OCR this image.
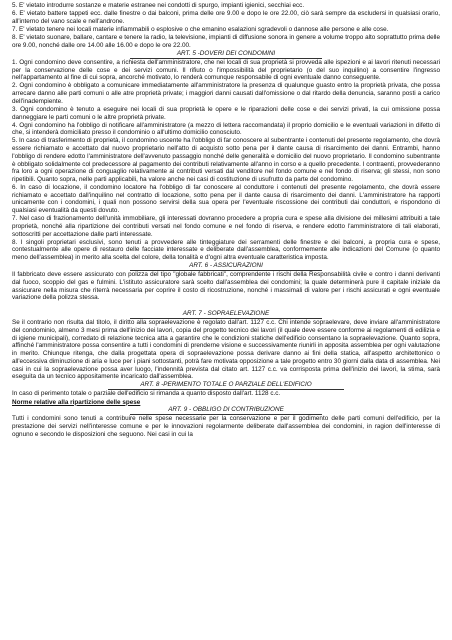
5. E' vietato introdurre sostanze e materie estranee nei condotti di spurgo, impianti igienici, secchiai ecc.

6. E' vietato battere tappeti ecc. dalle finestre o dai balconi, prima delle ore 9.00 e dopo le ore 22.00, ciò sarà sempre da escludersi in qualsiasi orario, all'interno del vano scale e nell'androne.

7. E' vietato tenere nei locali materie infiammabili o esplosive o che emanino esalazioni sgradevoli o dannose alle persone e alle cose.

8. E' vietato suonare, ballare, cantare e tenere la radio, la televisione, impianti di diffusione sonora in genere a volume troppo alto soprattutto prima delle ore 9.00, nonché dalle ore 14.00 alle 16.00 e dopo le ore 22.00.

ART. 5 -DOVERI DEI CONDOMINI

1. Ogni condomino deve consentire, a richiesta dell'amministratore, che nei locali di sua proprietà si provveda alle ispezioni e ai lavori ritenuti necessari per la conservazione delle cose e dei servizi comuni. Il rifiuto o l'impossibilità del proprietario (o del suo inquilino) a consentire l'ingresso nell'appartamento al fine di cui sopra, ancorché motivato, lo renderà comunque responsabile di ogni eventuale danno conseguente.

2. Ogni condomino è obbligato a comunicare immediatamente all'amministratore la presenza di qualunque guasto entro la proprietà privata, che possa arrecare danno alle parti comuni o alle atre proprietà private; i maggiori danni causati dall'omissione o dal ritardo della denuncia, saranno posti a carico dell'inadempiente.

3. Ogni condomino è tenuto a eseguire nei locali di sua proprietà le opere e le riparazioni delle cose e dei servizi privati, la cui omissione possa danneggiare le parti comuni o le altre proprietà private.

4. Ogni condomino ha l'obbligo di notificare all'amministratore (a mezzo di lettera raccomandata) il proprio domicilio e le eventuali variazioni in difetto di che, si intenderà domiciliato presso il condominio o all'ultimo domicilio conosciuto.

5. In caso di trasferimento di proprietà, il condomino uscente ha l'obbligo di far conoscere al subentrante i contenuti del presente regolamento, che dovrà essere richiamato e accettato dal nuovo proprietario nell'atto di acquisto sotto pena per il dante causa di risarcimento dei danni. Entrambi, hanno l'obbligo di rendere edotto l'amministratore dell'avvenuto passaggio nonché delle generalità e domicilio del nuovo proprietario. Il condomino subentrante è obbligato solidalmente col predecessore al pagamento dei contributi relativamente all'anno in corso e a quello precedente. I contraenti, provvederanno fra loro a ogni operazione di conguaglio relativamente ai contributi versati dal venditore nel fondo comune e nel fondo di riserva; gli stessi, non sono ripetibili. Quanto sopra, nelle parti applicabili, ha valore anche nei casi di costituzione di usufrutto da parte del condomino.

6. In caso di locazione, il condomino locatore ha l'obbligo di far conoscere al conduttore i contenuti del presente regolamento, che dovrà essere richiamato e accettato dall'inquilino nel contratto di locazione, sotto pena per il dante causa di risarcimento dei danni. L'amministratore ha rapporti unicamente con i condomini, i quali non possono servirsi della sua opera per l'eventuale riscossione dei contributi dai conduttori, e rispondono di qualsiasi eventualità da questi dovuto.

7. Nel caso di frazionamento dell'unità immobiliare, gli interessati dovranno procedere a propria cura e spese alla divisione dei millesimi attribuiti a tale proprietà, nonché alla ripartizione dei contributi versati nel fondo comune e nel fondo di riserva, e rendere edotto l'amministratore di tali elaborati, sottoscritti per accettazione dalle parti interessate.

8. I singoli proprietari esclusivi, sono tenuti a provvedere alle tinteggiature dei serramenti delle finestre e dei balconi, a propria cura e spese, contestualmente alle opere di restauro delle facciate interessate e deliberate dall'assemblea, conformemente alle indicazioni del Comune (o quanto meno dell'assemblea) in merito alla scelta del colore, della tonalità e d'ogni altra eventuale caratteristica imposta.

ART. 6 - ASSICURAZIONI

Il fabbricato deve essere assicurato con polizza del tipo "globale fabbricati", comprendente i rischi della Responsabilità civile e contro i danni derivanti dal fuoco, scoppio del gas e fulmini. L'istituto assicuratore sarà scelto dall'assemblea dei condomini; la quale determinerà pure il capitale iniziale da assicurare nella misura che riterrà necessaria per coprire il costo di ricostruzione, nonché i massimali di valore per i rischi assicurati e ogni eventuale variazione della polizza stessa.

ART. 7 - SOPRAELEVAZIONE

Se il contrario non risulta dal titolo, il diritto alla sopraelevazione è regolato dall'art. 1127 c.c. Chi intende sopraelevare, deve inviare all'amministratore del condominio, almeno 3 mesi prima dell'inizio dei lavori, copia del progetto tecnico dei lavori (il quale deve essere conforme ai regolamenti di edilizia e di igiene municipali), corredato di relazione tecnica atta a garantire che le condizioni statiche dell'edificio consentano la sopraelevazione. Quanto sopra, affinché l'amministratore possa consentire a tutti i condomini di prenderne visione e successivamente riunirli in apposita assemblea per ogni valutazione in merito. Chiunque ritenga, che dalla progettata opera di sopraelevazione possa derivare danno ai fini della statica, all'aspetto architettonico o all'eccessiva diminuzione di aria e luce per i piani sottostanti, potrà fare motivata opposizione a tale progetto entro 30 giorni dalla data di assemblea. Nei casi in cui la sopraelevazione possa aver luogo, l'indennità prevista dal citato art. 1127 c.c. va corrisposta prima dell'inizio dei lavori, la stima, sarà eseguita da un tecnico appositamente incaricato dall'assemblea.

ART. 8 -PERIMENTO TOTALE O PARZIALE DELL'EDIFICIO

In caso di perimento totale o parziale dell'edificio si rimanda a quanto disposto dall'art. 1128 c.c.

Norme relative alla ripartizione delle spese

ART. 9 - OBBLIGO DI CONTRIBUZIONE

Tutti i condomini sono tenuti a contribuire nelle spese necessarie per la conservazione e per il godimento delle parti comuni dell'edificio, per la prestazione dei servizi nell'interesse comune e per le innovazioni regolarmente deliberate dall'assemblea dei condomini, in ragion dell'interesse di ognuno e secondo le disposizioni che seguono. Nei casi in cui la
